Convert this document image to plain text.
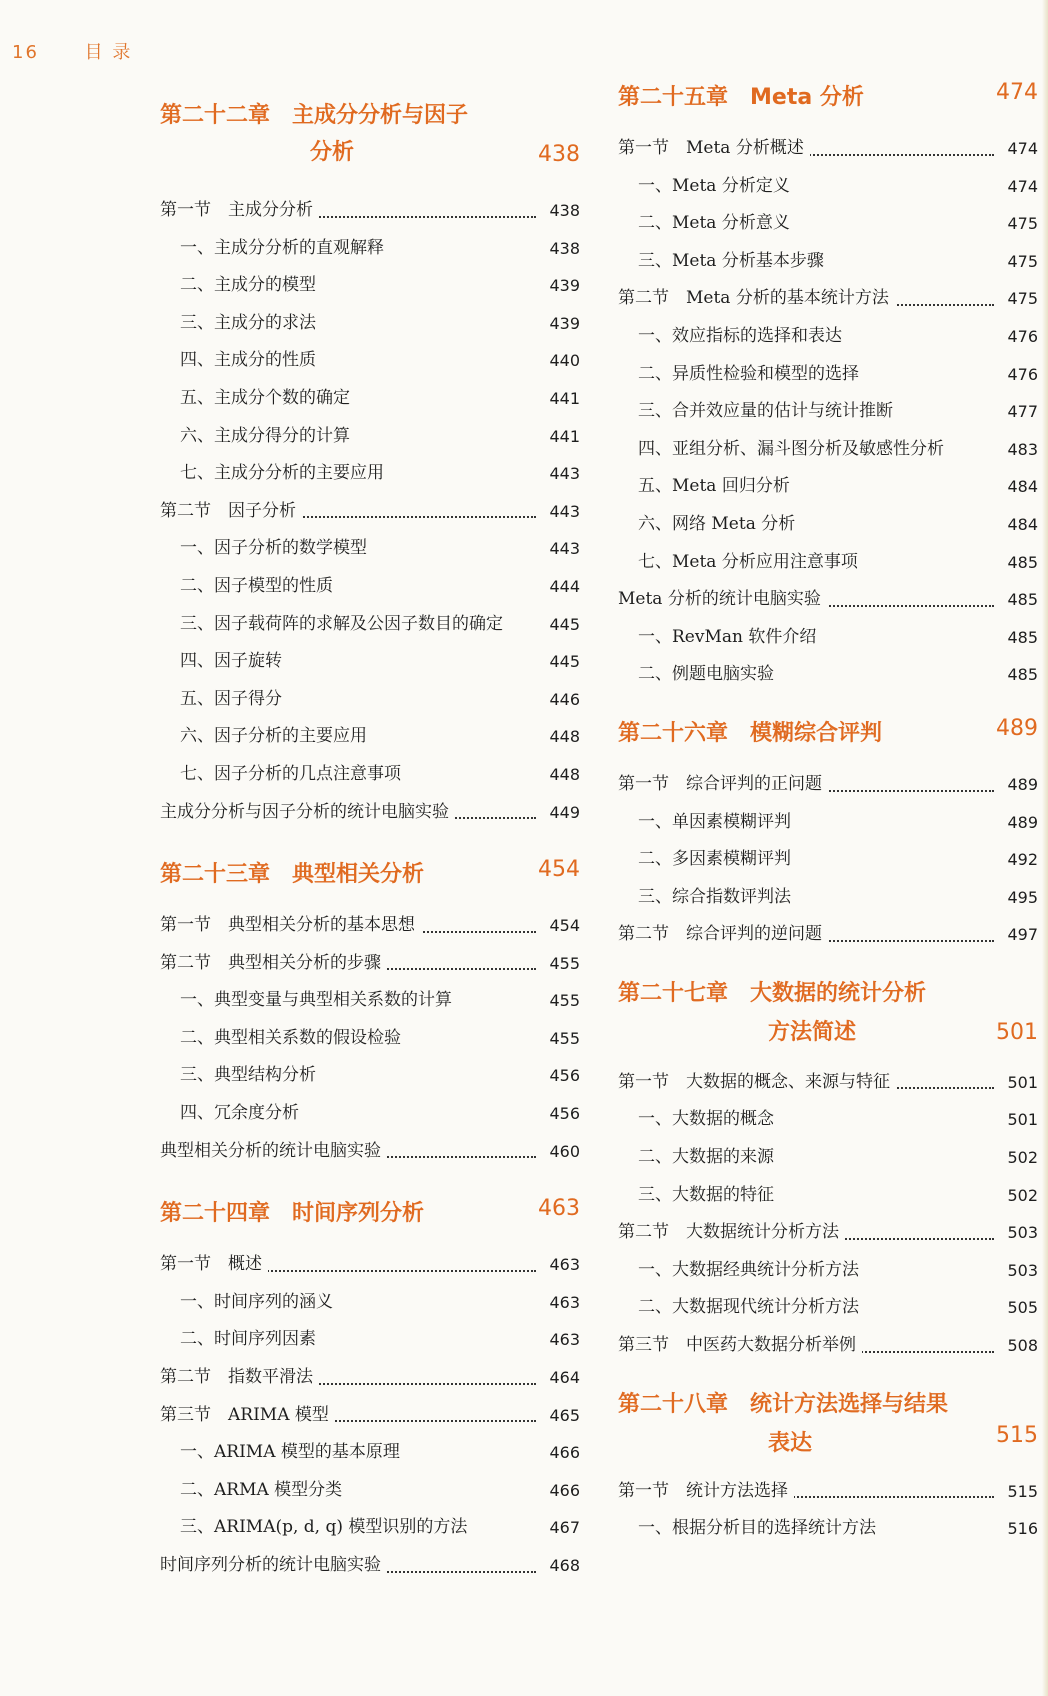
16	目 录
第二十二章　主成分分析与因子
分析	438
第一节　主成分分析	438
一、主成分分析的直观解释	438
二、主成分的模型	439
三、主成分的求法	439
四、主成分的性质	440
五、主成分个数的确定	441
六、主成分得分的计算	441
七、主成分分析的主要应用	443
第二节　因子分析	443
一、因子分析的数学模型	443
二、因子模型的性质	444
三、因子载荷阵的求解及公因子数目的确定	445
四、因子旋转	445
五、因子得分	446
六、因子分析的主要应用	448
七、因子分析的几点注意事项	448
主成分分析与因子分析的统计电脑实验	449
第二十三章　典型相关分析	454
第一节　典型相关分析的基本思想	454
第二节　典型相关分析的步骤	455
一、典型变量与典型相关系数的计算	455
二、典型相关系数的假设检验	455
三、典型结构分析	456
四、冗余度分析	456
典型相关分析的统计电脑实验	460
第二十四章　时间序列分析	463
第一节　概述	463
一、时间序列的涵义	463
二、时间序列因素	463
第二节　指数平滑法	464
第三节　ARIMA 模型	465
一、ARIMA 模型的基本原理	466
二、ARMA 模型分类	466
三、ARIMA(p, d, q) 模型识别的方法	467
时间序列分析的统计电脑实验	468
第二十五章　Meta 分析	474
第一节　Meta 分析概述	474
一、Meta 分析定义	474
二、Meta 分析意义	475
三、Meta 分析基本步骤	475
第二节　Meta 分析的基本统计方法	475
一、效应指标的选择和表达	476
二、异质性检验和模型的选择	476
三、合并效应量的估计与统计推断	477
四、亚组分析、漏斗图分析及敏感性分析	483
五、Meta 回归分析	484
六、网络 Meta 分析	484
七、Meta 分析应用注意事项	485
Meta 分析的统计电脑实验	485
一、RevMan 软件介绍	485
二、例题电脑实验	485
第二十六章　模糊综合评判	489
第一节　综合评判的正问题	489
一、单因素模糊评判	489
二、多因素模糊评判	492
三、综合指数评判法	495
第二节　综合评判的逆问题	497
第二十七章　大数据的统计分析
方法简述	501
第一节　大数据的概念、来源与特征	501
一、大数据的概念	501
二、大数据的来源	502
三、大数据的特征	502
第二节　大数据统计分析方法	503
一、大数据经典统计分析方法	503
二、大数据现代统计分析方法	505
第三节　中医药大数据分析举例	508
第二十八章　统计方法选择与结果
表达	515
第一节　统计方法选择	515
一、根据分析目的选择统计方法	516
